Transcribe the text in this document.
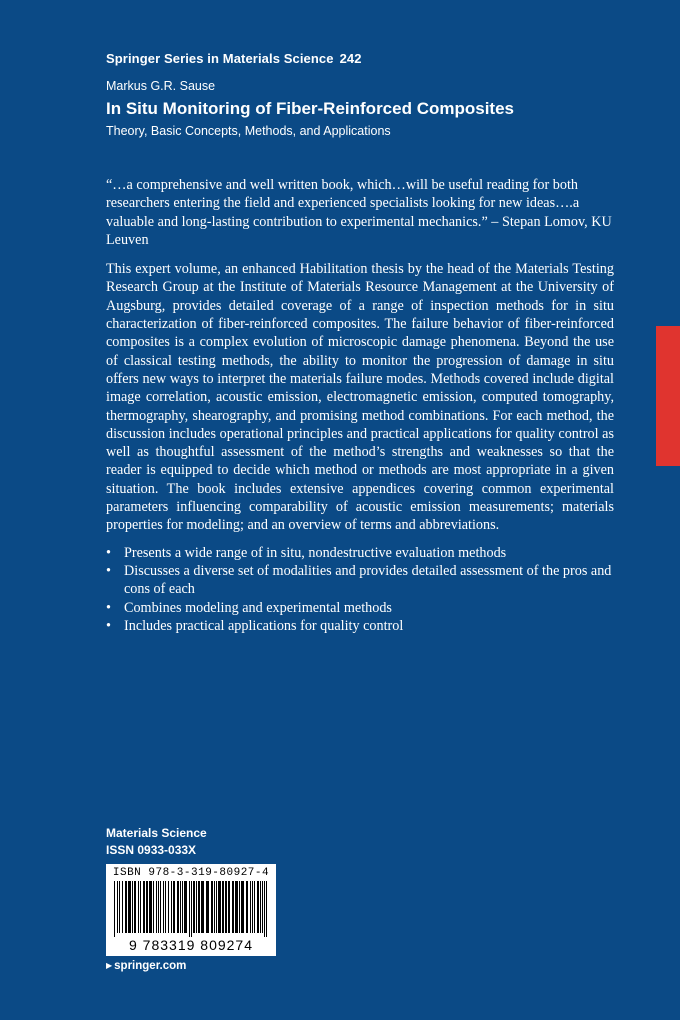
Springer Series in Materials Science 242
Markus G.R. Sause
In Situ Monitoring of Fiber-Reinforced Composites
Theory, Basic Concepts, Methods, and Applications

“…a comprehensive and well written book, which…will be useful reading for both researchers entering the field and experienced specialists looking for new ideas….a valuable and long-lasting contribution to experimental mechanics.” – Stepan Lomov, KU Leuven

This expert volume, an enhanced Habilitation thesis by the head of the Materials Testing Research Group at the Institute of Materials Resource Management at the University of Augsburg, provides detailed coverage of a range of inspection methods for in situ characterization of fiber-reinforced composites. The failure behavior of fiber-reinforced composites is a complex evolution of microscopic damage phenomena. Beyond the use of classical testing methods, the ability to monitor the progression of damage in situ offers new ways to interpret the materials failure modes. Methods covered include digital image correlation, acoustic emission, electromagnetic emission, computed tomography, thermography, shearography, and promising method combinations. For each method, the discussion includes operational principles and practical applications for quality control as well as thoughtful assessment of the method’s strengths and weaknesses so that the reader is equipped to decide which method or methods are most appropriate in a given situation. The book includes extensive appendices covering common experimental parameters influencing comparability of acoustic emission measurements; materials properties for modeling; and an overview of terms and abbreviations.

• Presents a wide range of in situ, nondestructive evaluation methods
• Discusses a diverse set of modalities and provides detailed assessment of the pros and cons of each
• Combines modeling and experimental methods
• Includes practical applications for quality control
Materials Science
ISSN 0933-033X
ISBN 978-3-319-80927-4
9 783319 809274
▶ springer.com
